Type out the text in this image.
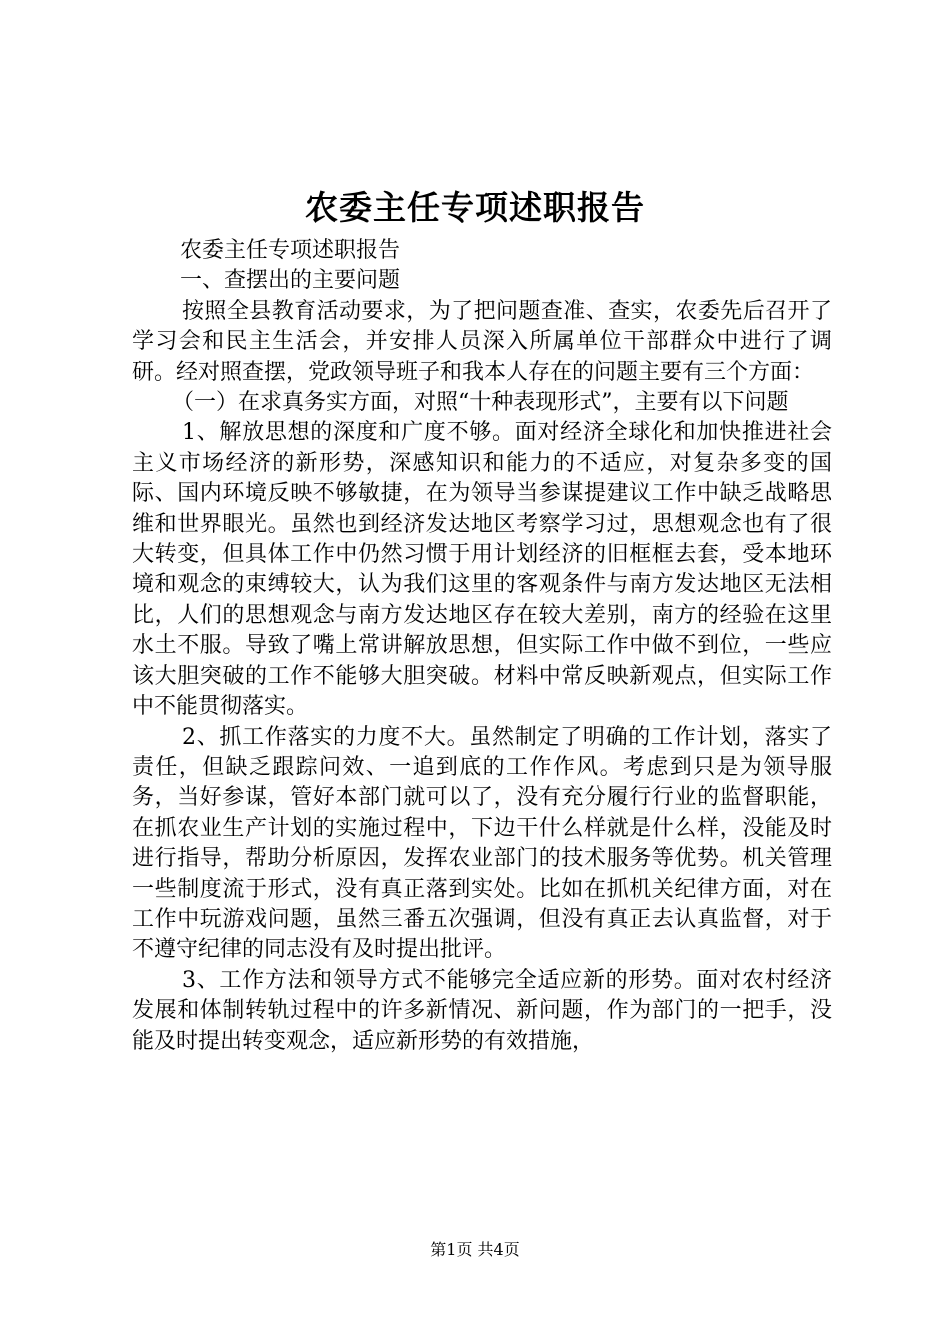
农委主任专项述职报告

农委主任专项述职报告

一、查摆出的主要问题

按照全县教育活动要求，为了把问题查准、查实，农委先后召开了学习会和民主生活会，并安排人员深入所属单位干部群众中进行了调研。经对照查摆，党政领导班子和我本人存在的问题主要有三个方面：

（一）在求真务实方面，对照“十种表现形式”，主要有以下问题

1、解放思想的深度和广度不够。面对经济全球化和加快推进社会主义市场经济的新形势，深感知识和能力的不适应，对复杂多变的国际、国内环境反映不够敏捷，在为领导当参谋提建议工作中缺乏战略思维和世界眼光。虽然也到经济发达地区考察学习过，思想观念也有了很大转变，但具体工作中仍然习惯于用计划经济的旧框框去套，受本地环境和观念的束缚较大，认为我们这里的客观条件与南方发达地区无法相比，人们的思想观念与南方发达地区存在较大差别，南方的经验在这里水土不服。导致了嘴上常讲解放思想，但实际工作中做不到位，一些应该大胆突破的工作不能够大胆突破。材料中常反映新观点，但实际工作中不能贯彻落实。

2、抓工作落实的力度不大。虽然制定了明确的工作计划，落实了责任，但缺乏跟踪问效、一追到底的工作作风。考虑到只是为领导服务，当好参谋，管好本部门就可以了，没有充分履行行业的监督职能，在抓农业生产计划的实施过程中，下边干什么样就是什么样，没能及时进行指导，帮助分析原因，发挥农业部门的技术服务等优势。机关管理一些制度流于形式，没有真正落到实处。比如在抓机关纪律方面，对在工作中玩游戏问题，虽然三番五次强调，但没有真正去认真监督，对于不遵守纪律的同志没有及时提出批评。

3、工作方法和领导方式不能够完全适应新的形势。面对农村经济发展和体制转轨过程中的许多新情况、新问题，作为部门的一把手，没能及时提出转变观念，适应新形势的有效措施，

第1页 共4页
